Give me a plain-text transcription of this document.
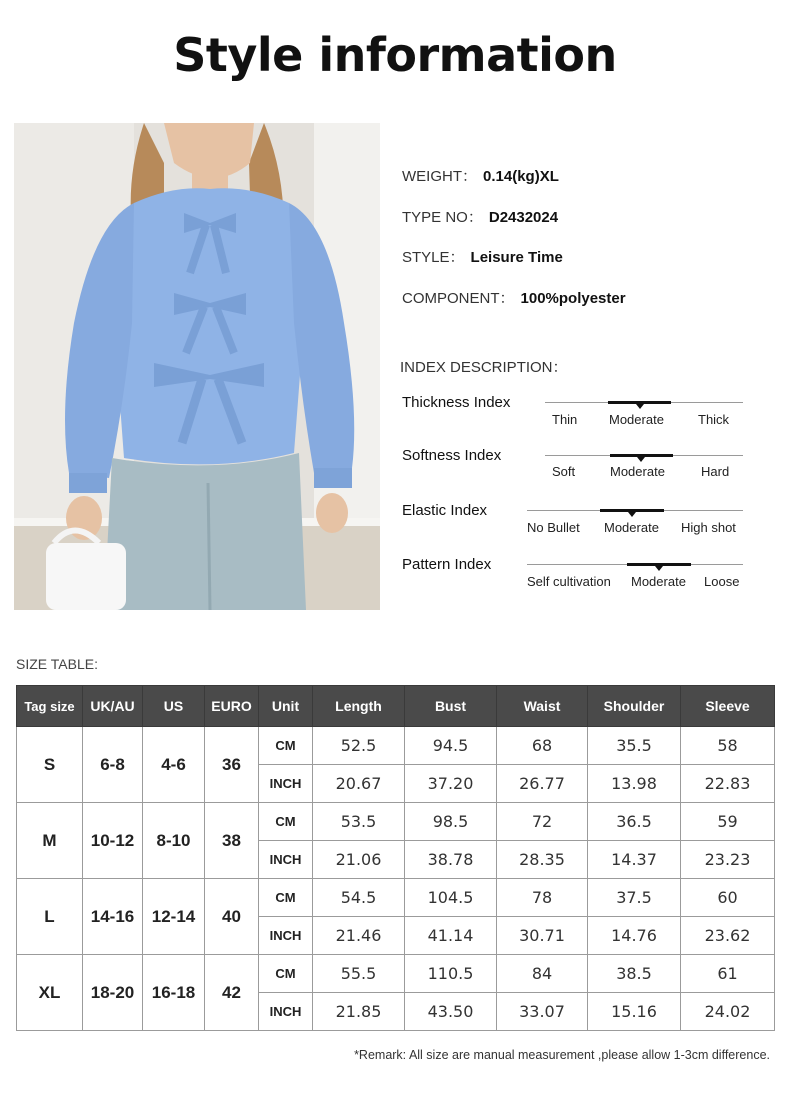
Style information
WEIGHT： 0.14(kg)XL
TYPE NO： D2432024
STYLE： Leisure Time
COMPONENT： 100%polyester
INDEX DESCRIPTION：
Thickness Index
Thin Moderate	Thick
Softness Index
Soft	Moderate	Hard
Elastic Index
No Bullet Moderate High shot
Pattern Index
Self cultivation Moderate Loose
SIZE TABLE:
Tag size	UK/AU	US	EURO	Unit	Length	Bust	Waist	Shoulder	Sleeve
S	6-8	4-6	36	CM	52.5	94.5	68	35.5	58
				INCH	20.67	37.20	26.77	13.98	22.83
M	10-12	8-10	38	CM	53.5	98.5	72	36.5	59
				INCH	21.06	38.78	28.35	14.37	23.23
L	14-16	12-14	40	CM	54.5	104.5	78	37.5	60
				INCH	21.46	41.14	30.71	14.76	23.62
XL	18-20	16-18	42	CM	55.5	110.5	84	38.5	61
				INCH	21.85	43.50	33.07	15.16	24.02
*Remark: All size are manual measurement ,please allow 1-3cm difference.
